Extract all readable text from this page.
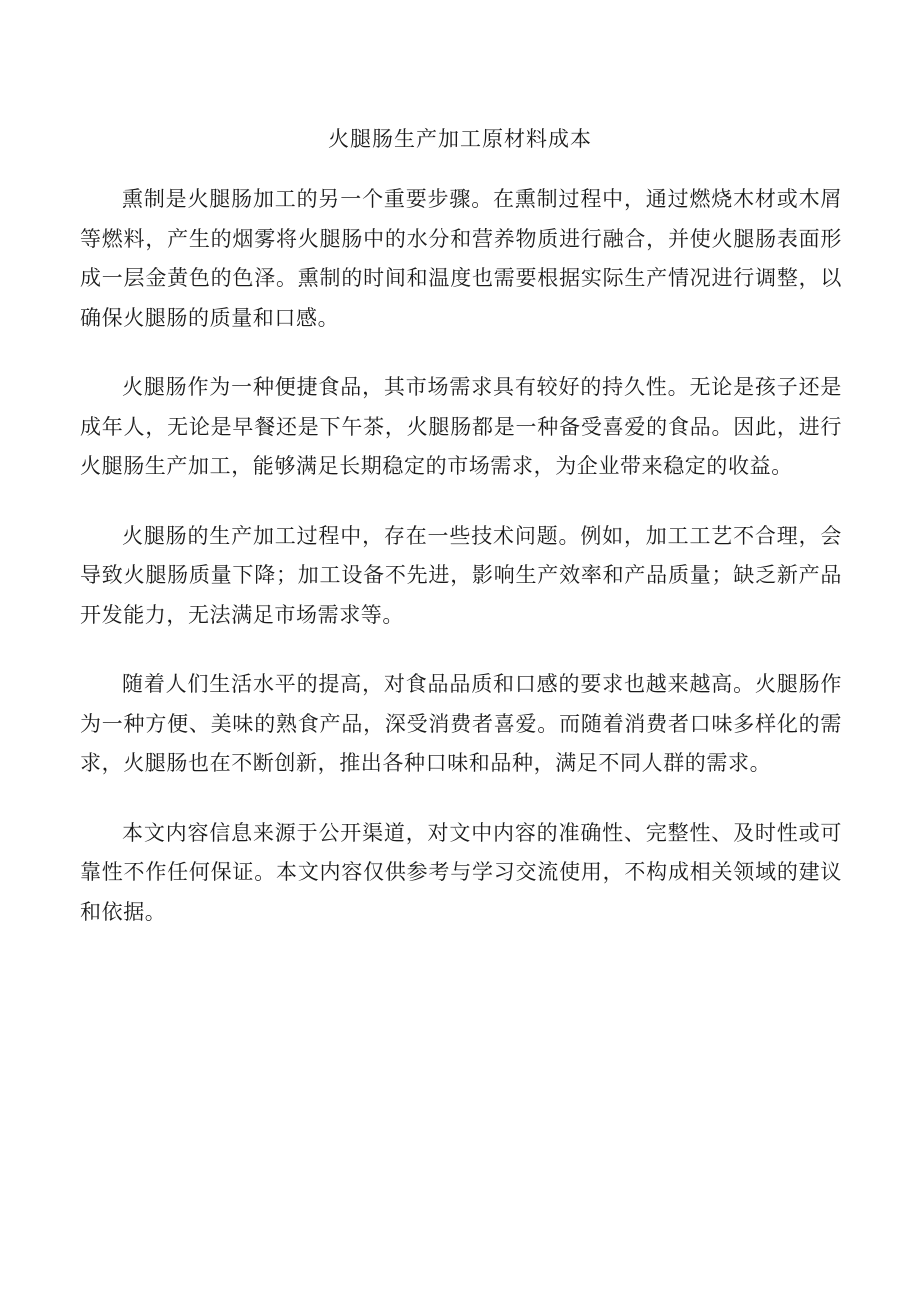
火腿肠生产加工原材料成本

熏制是火腿肠加工的另一个重要步骤。在熏制过程中，通过燃烧木材或木屑等燃料，产生的烟雾将火腿肠中的水分和营养物质进行融合，并使火腿肠表面形成一层金黄色的色泽。熏制的时间和温度也需要根据实际生产情况进行调整，以确保火腿肠的质量和口感。

火腿肠作为一种便捷食品，其市场需求具有较好的持久性。无论是孩子还是成年人，无论是早餐还是下午茶，火腿肠都是一种备受喜爱的食品。因此，进行火腿肠生产加工，能够满足长期稳定的市场需求，为企业带来稳定的收益。

火腿肠的生产加工过程中，存在一些技术问题。例如，加工工艺不合理，会导致火腿肠质量下降；加工设备不先进，影响生产效率和产品质量；缺乏新产品开发能力，无法满足市场需求等。

随着人们生活水平的提高，对食品品质和口感的要求也越来越高。火腿肠作为一种方便、美味的熟食产品，深受消费者喜爱。而随着消费者口味多样化的需求，火腿肠也在不断创新，推出各种口味和品种，满足不同人群的需求。

本文内容信息来源于公开渠道，对文中内容的准确性、完整性、及时性或可靠性不作任何保证。本文内容仅供参考与学习交流使用，不构成相关领域的建议和依据。
